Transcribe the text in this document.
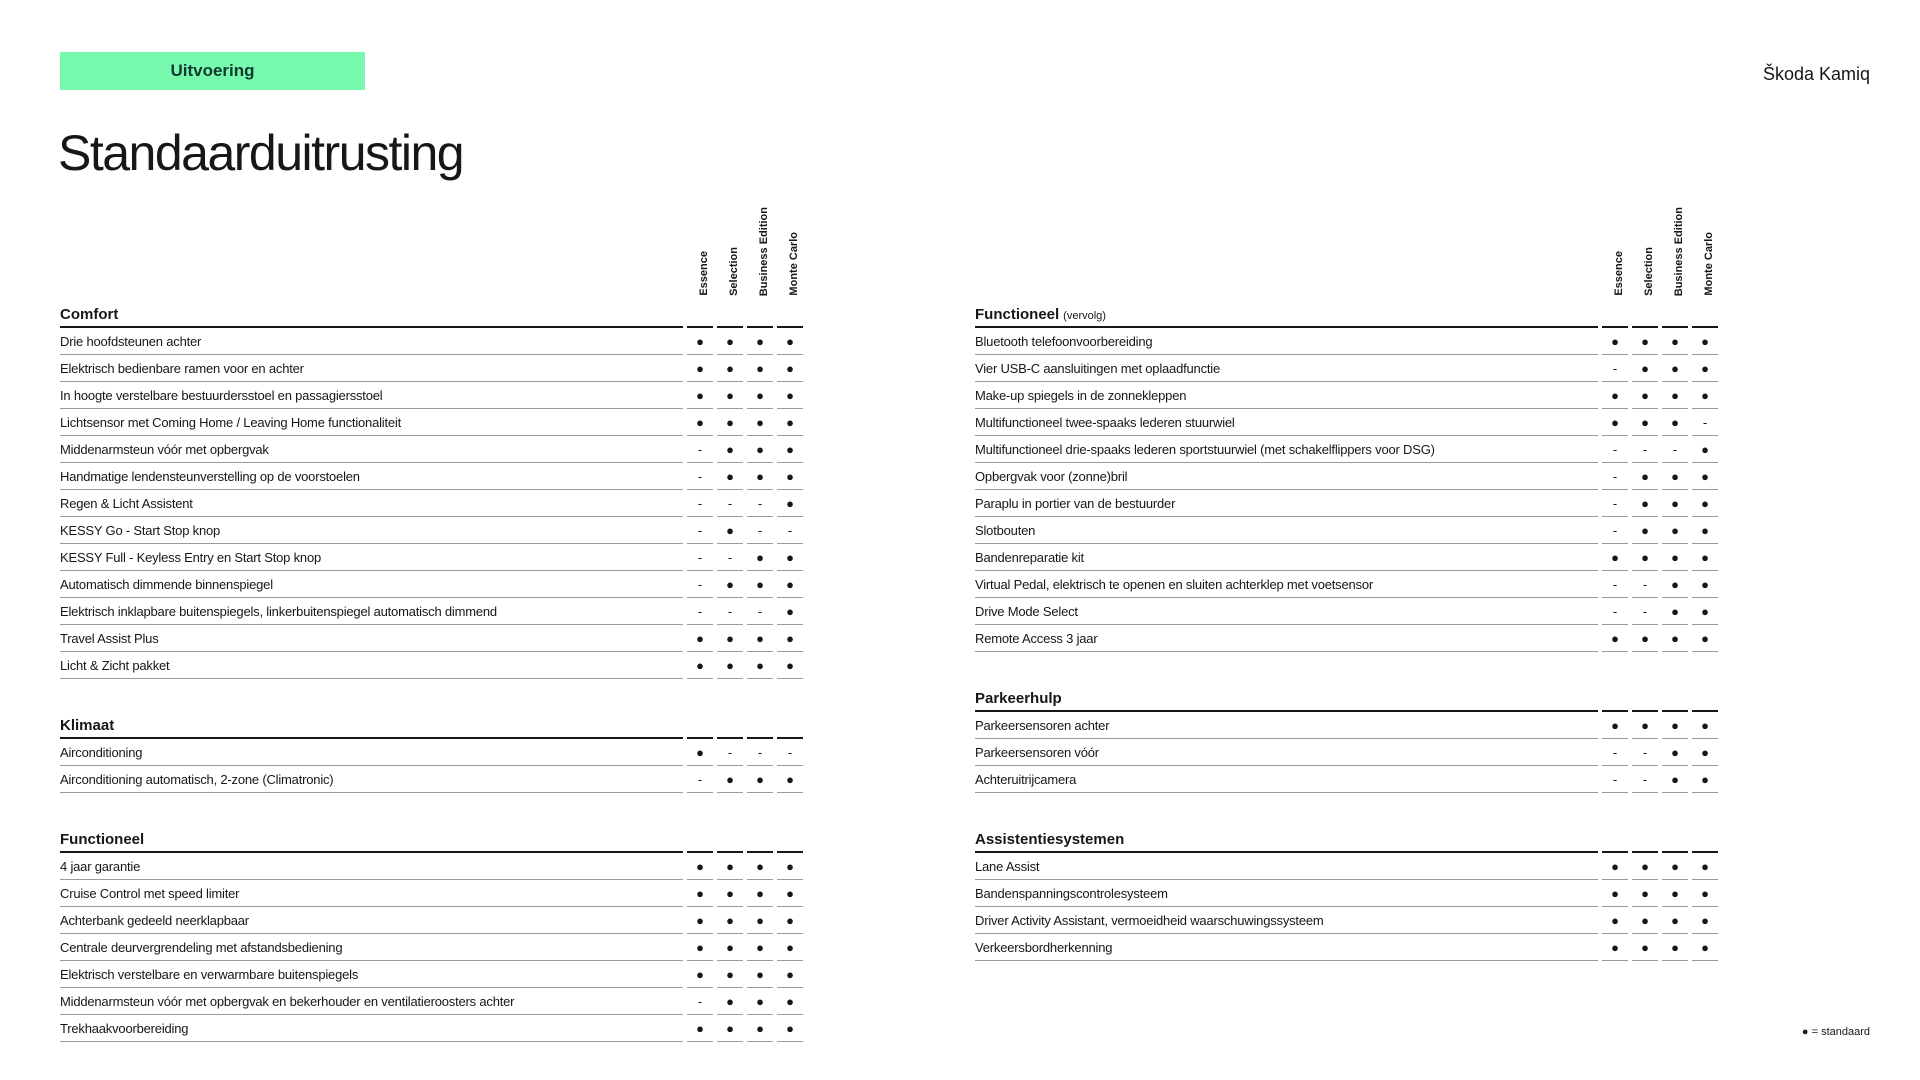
Uitvoering	Škoda Kamiq
Standaarduitrusting
Essence Selection Business Edition Monte Carlo
Comfort
Drie hoofdsteunen achter	●	●	●	●
Elektrisch bedienbare ramen voor en achter	●	●	●	●
In hoogte verstelbare bestuurdersstoel en passagiersstoel	●	●	●	●
Lichtsensor met Coming Home / Leaving Home functionaliteit	●	●	●	●
Middenarmsteun vóór met opbergvak	-	●	●	●
Handmatige lendensteunverstelling op de voorstoelen	-	●	●	●
Regen & Licht Assistent	-	-	-	●
KESSY Go - Start Stop knop	-	●	-	-
KESSY Full - Keyless Entry en Start Stop knop	-	-	●	●
Automatisch dimmende binnenspiegel	-	●	●	●
Elektrisch inklapbare buitenspiegels, linkerbuitenspiegel automatisch dimmend	-	-	-	●
Travel Assist Plus	●	●	●	●
Licht & Zicht pakket	●	●	●	●
Klimaat
Airconditioning	●	-	-	-
Airconditioning automatisch, 2-zone (Climatronic)	-	●	●	●
Functioneel
4 jaar garantie	●	●	●	●
Cruise Control met speed limiter	●	●	●	●
Achterbank gedeeld neerklapbaar	●	●	●	●
Centrale deurvergrendeling met afstandsbediening	●	●	●	●
Elektrisch verstelbare en verwarmbare buitenspiegels	●	●	●	●
Middenarmsteun vóór met opbergvak en bekerhouder en ventilatieroosters achter	-	●	●	●
Trekhaakvoorbereiding	●	●	●	●
Essence Selection Business Edition Monte Carlo
Functioneel (vervolg)
Bluetooth telefoonvoorbereiding	●	●	●	●
Vier USB-C aansluitingen met oplaadfunctie	-	●	●	●
Make-up spiegels in de zonnekleppen	●	●	●	●
Multifunctioneel twee-spaaks lederen stuurwiel	●	●	●	-
Multifunctioneel drie-spaaks lederen sportstuurwiel (met schakelflippers voor DSG)	-	-	-	●
Opbergvak voor (zonne)bril	-	●	●	●
Paraplu in portier van de bestuurder	-	●	●	●
Slotbouten	-	●	●	●
Bandenreparatie kit	●	●	●	●
Virtual Pedal, elektrisch te openen en sluiten achterklep met voetsensor	-	-	●	●
Drive Mode Select	-	-	●	●
Remote Access 3 jaar	●	●	●	●
Parkeerhulp
Parkeersensoren achter	●	●	●	●
Parkeersensoren vóór	-	-	●	●
Achteruitrijcamera	-	-	●	●
Assistentiesystemen
Lane Assist	●	●	●	●
Bandenspanningscontrolesysteem	●	●	●	●
Driver Activity Assistant, vermoeidheid waarschuwingssysteem	●	●	●	●
Verkeersbordherkenning	●	●	●	●
● = standaard
